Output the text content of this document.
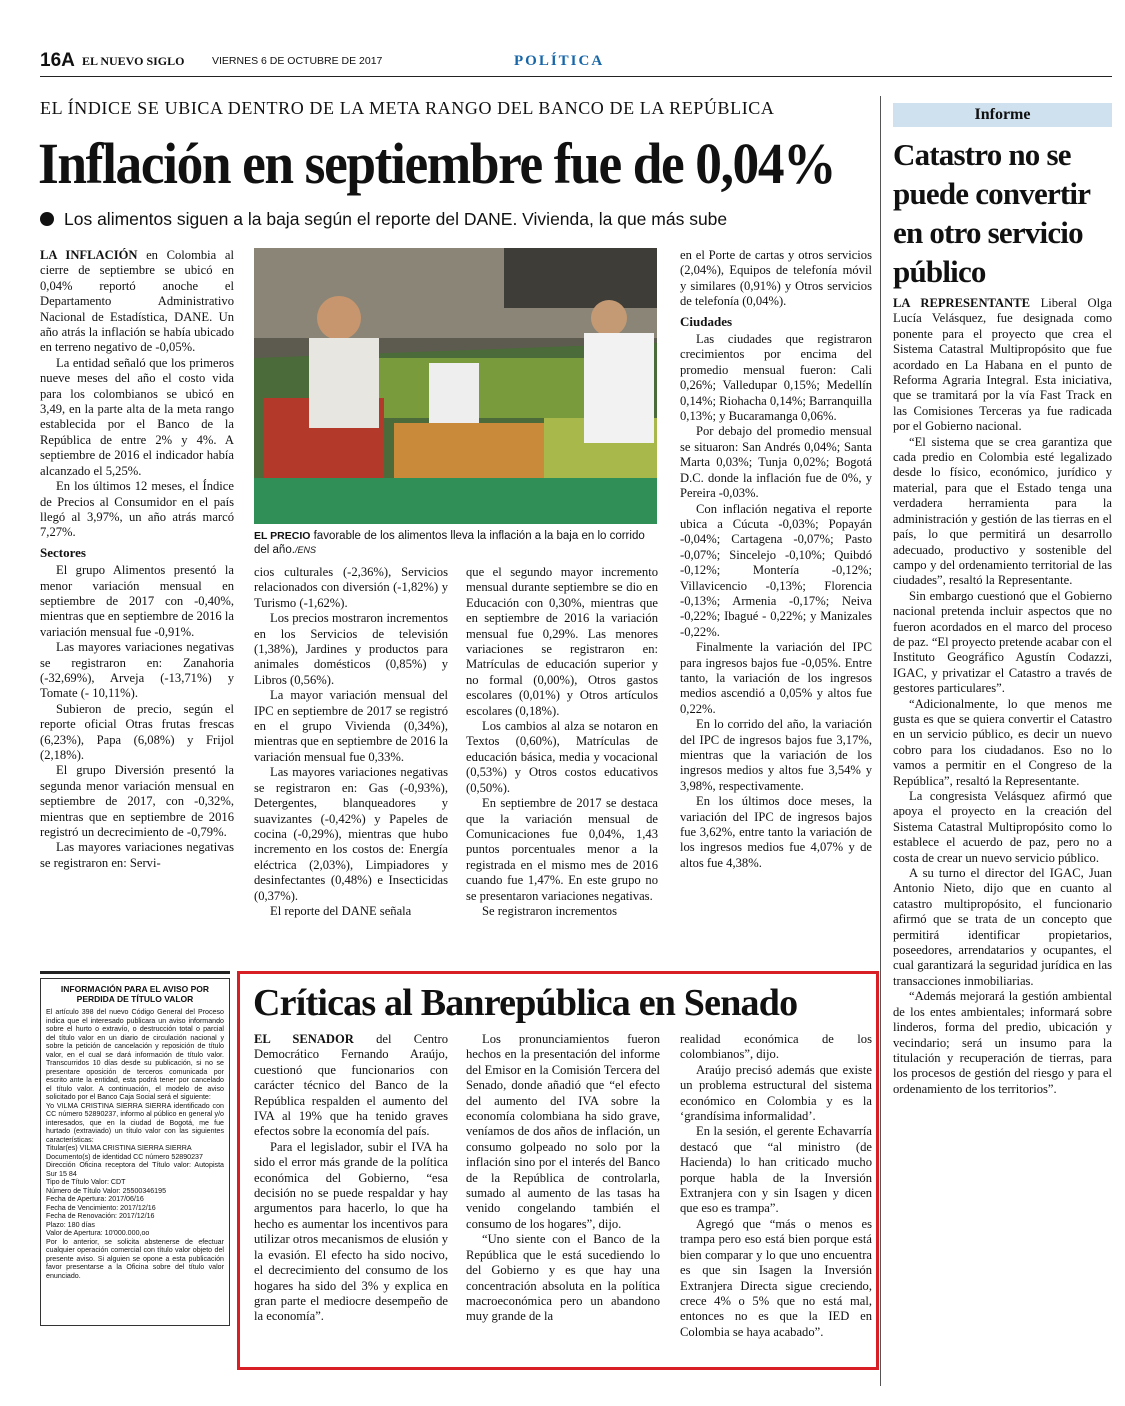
16A EL NUEVO SIGLO	VIERNES 6 DE OCTUBRE DE 2017	POLÍTICA
EL ÍNDICE SE UBICA DENTRO DE LA META RANGO DEL BANCO DE LA REPÚBLICA
Inflación en septiembre fue de 0,04%
Los alimentos siguen a la baja según el reporte del DANE. Vivienda, la que más sube

LA INFLACIÓN en Colombia al cierre de septiembre se ubicó en 0,04% reportó anoche el Departamento Administrativo Nacional de Estadística, DANE. Un año atrás la inflación se había ubicado en terreno negativo de -0,05%.

La entidad señaló que los primeros nueve meses del año el costo vida para los colombianos se ubicó en 3,49, en la parte alta de la meta rango establecida por el Banco de la República de entre 2% y 4%. A septiembre de 2016 el indicador había alcanzado el 5,25%.

En los últimos 12 meses, el Índice de Precios al Consumidor en el país llegó al 3,97%, un año atrás marcó 7,27%.

Sectores

El grupo Alimentos presentó la menor variación mensual en septiembre de 2017 con -0,40%, mientras que en septiembre de 2016 la variación mensual fue -0,91%.

Las mayores variaciones negativas se registraron en: Zanahoria (-32,69%), Arveja (-13,71%) y Tomate (- 10,11%).

Subieron de precio, según el reporte oficial Otras frutas frescas (6,23%), Papa (6,08%) y Frijol (2,18%).

El grupo Diversión presentó la segunda menor variación mensual en septiembre de 2017, con -0,32%, mientras que en septiembre de 2016 registró un decrecimiento de -0,79%.

Las mayores variaciones negativas se registraron en: Servi-

EL PRECIO favorable de los alimentos lleva la inflación a la baja en lo corrido del año./ENS

cios culturales (-2,36%), Servicios relacionados con diversión (-1,82%) y Turismo (-1,62%).

Los precios mostraron incrementos en los Servicios de televisión (1,38%), Jardines y productos para animales domésticos (0,85%) y Libros (0,56%).

La mayor variación mensual del IPC en septiembre de 2017 se registró en el grupo Vivienda (0,34%), mientras que en septiembre de 2016 la variación mensual fue 0,33%.

Las mayores variaciones negativas se registraron en: Gas (-0,93%), Detergentes, blanqueadores y suavizantes (-0,42%) y Papeles de cocina (-0,29%), mientras que hubo incremento en los costos de: Energía eléctrica (2,03%), Limpiadores y desinfectantes (0,48%) e Insecticidas (0,37%).

El reporte del DANE señala

que el segundo mayor incremento mensual durante septiembre se dio en Educación con 0,30%, mientras que en septiembre de 2016 la variación mensual fue 0,29%. Las menores variaciones se registraron en: Matrículas de educación superior y no formal (0,00%), Otros gastos escolares (0,01%) y Otros artículos escolares (0,18%).

Los cambios al alza se notaron en Textos (0,60%), Matrículas de educación básica, media y vocacional (0,53%) y Otros costos educativos (0,50%).

En septiembre de 2017 se destaca que la variación mensual de Comunicaciones fue 0,04%, 1,43 puntos porcentuales menor a la registrada en el mismo mes de 2016 cuando fue 1,47%. En este grupo no se presentaron variaciones negativas.

Se registraron incrementos

en el Porte de cartas y otros servicios (2,04%), Equipos de telefonía móvil y similares (0,91%) y Otros servicios de telefonía (0,04%).

Ciudades

Las ciudades que registraron crecimientos por encima del promedio mensual fueron: Cali 0,26%; Valledupar 0,15%; Medellín 0,14%; Riohacha 0,14%; Barranquilla 0,13%; y Bucaramanga 0,06%.

Por debajo del promedio mensual se situaron: San Andrés 0,04%; Santa Marta 0,03%; Tunja 0,02%; Bogotá D.C. donde la inflación fue de 0%, y Pereira -0,03%.

Con inflación negativa el reporte ubica a Cúcuta -0,03%; Popayán -0,04%; Cartagena -0,07%; Pasto -0,07%; Sincelejo -0,10%; Quibdó -0,12%; Montería -0,12%; Villavicencio -0,13%; Florencia -0,13%; Armenia -0,17%; Neiva -0,22%; Ibagué - 0,22%; y Manizales -0,22%.

Finalmente la variación del IPC para ingresos bajos fue -0,05%. Entre tanto, la variación de los ingresos medios ascendió a 0,05% y altos fue 0,22%.

En lo corrido del año, la variación del IPC de ingresos bajos fue 3,17%, mientras que la variación de los ingresos medios y altos fue 3,54% y 3,98%, respectivamente.

En los últimos doce meses, la variación del IPC de ingresos bajos fue 3,62%, entre tanto la variación de los ingresos medios fue 4,07% y de altos fue 4,38%.

Informe
Catastro no se puede convertir en otro servicio público

LA REPRESENTANTE Liberal Olga Lucía Velásquez, fue designada como ponente para el proyecto que crea el Sistema Catastral Multipropósito que fue acordado en La Habana en el punto de Reforma Agraria Integral. Esta iniciativa, que se tramitará por la vía Fast Track en las Comisiones Terceras ya fue radicada por el Gobierno nacional.

“El sistema que se crea garantiza que cada predio en Colombia esté legalizado desde lo físico, económico, jurídico y material, para que el Estado tenga una verdadera herramienta para la administración y gestión de las tierras en el país, lo que permitirá un desarrollo adecuado, productivo y sostenible del campo y del ordenamiento territorial de las ciudades”, resaltó la Representante.

Sin embargo cuestionó que el Gobierno nacional pretenda incluir aspectos que no fueron acordados en el marco del proceso de paz. “El proyecto pretende acabar con el Instituto Geográfico Agustín Codazzi, IGAC, y privatizar el Catastro a través de gestores particulares”.

“Adicionalmente, lo que menos me gusta es que se quiera convertir el Catastro en un servicio público, es decir un nuevo cobro para los ciudadanos. Eso no lo vamos a permitir en el Congreso de la República”, resaltó la Representante.

La congresista Velásquez afirmó que apoya el proyecto en la creación del Sistema Catastral Multipropósito como lo establece el acuerdo de paz, pero no a costa de crear un nuevo servicio público.

A su turno el director del IGAC, Juan Antonio Nieto, dijo que en cuanto al catastro multipropósito, el funcionario afirmó que se trata de un concepto que permitirá identificar propietarios, poseedores, arrendatarios y ocupantes, el cual garantizará la seguridad jurídica en las transacciones inmobiliarias.

“Además mejorará la gestión ambiental de los entes ambientales; informará sobre linderos, forma del predio, ubicación y vecindario; será un insumo para la titulación y recuperación de tierras, para los procesos de gestión del riesgo y para el ordenamiento de los territorios”.

INFORMACIÓN PARA EL AVISO POR PERDIDA DE TÍTULO VALOR
El artículo 398 del nuevo Código General del Proceso indica que el interesado publicara un aviso informando sobre el hurto o extravío, o destrucción total o parcial del título valor en un diario de circulación nacional y sobre la petición de cancelación y reposición de título valor, en el cual se dará información de título valor. Transcurridos 10 días desde su publicación, si no se presentare oposición de terceros comunicada por escrito ante la entidad, esta podrá tener por cancelado el título valor. A continuación, el modelo de aviso solicitado por el Banco Caja Social será el siguiente:
Yo VILMA CRISTINA SIERRA SIERRA identificado con CC número 52890237, informo al público en general y/o interesados, que en la ciudad de Bogotá, me fue hurtado (extraviado) un título valor con las siguientes características:
Titular(es) VILMA CRISTINA SIERRA SIERRA
Documento(s) de identidad CC número 52890237
Dirección Oficina receptora del Título valor: Autopista Sur 15 84
Tipo de Título Valor: CDT
Número de Título Valor: 25500346195
Fecha de Apertura: 2017/06/16
Fecha de Vencimiento: 2017/12/16
Fecha de Renovación: 2017/12/16
Plazo: 180 días
Valor de Apertura: 10'000.000,oo
Por lo anterior, se solicita abstenerse de efectuar cualquier operación comercial con título valor objeto del presente aviso. Si alguien se opone a esta publicación favor presentarse a la Oficina sobre del título valor enunciado.
Críticas al Banrepública en Senado

EL SENADOR del Centro Democrático Fernando Araújo, cuestionó que funcionarios con carácter técnico del Banco de la República respalden el aumento del IVA al 19% que ha tenido graves efectos sobre la economía del país.

Para el legislador, subir el IVA ha sido el error más grande de la política económica del Gobierno, “esa decisión no se puede respaldar y hay argumentos para hacerlo, lo que ha hecho es aumentar los incentivos para utilizar otros mecanismos de elusión y la evasión. El efecto ha sido nocivo, el decrecimiento del consumo de los hogares ha sido del 3% y explica en gran parte el mediocre desempeño de la economía”.

Los pronunciamientos fueron hechos en la presentación del informe del Emisor en la Comisión Tercera del Senado, donde añadió que “el efecto del aumento del IVA sobre la economía colombiana ha sido grave, veníamos de dos años de inflación, un consumo golpeado no solo por la inflación sino por el interés del Banco de la República de controlarla, sumado al aumento de las tasas ha venido congelando también el consumo de los hogares”, dijo.

“Uno siente con el Banco de la República que le está sucediendo lo del Gobierno y es que hay una concentración absoluta en la política macroeconómica pero un abandono muy grande de la

realidad económica de los colombianos”, dijo.

Araújo precisó además que existe un problema estructural del sistema económico en Colombia y es la ‘grandísima informalidad’.

En la sesión, el gerente Echavarría destacó que “al ministro (de Hacienda) lo han criticado mucho porque habla de la Inversión Extranjera con y sin Isagen y dicen que eso es trampa”.

Agregó que “más o menos es trampa pero eso está bien porque está bien comparar y lo que uno encuentra es que sin Isagen la Inversión Extranjera Directa sigue creciendo, crece 4% o 5% que no está mal, entonces no es que la IED en Colombia se haya acabado”.
